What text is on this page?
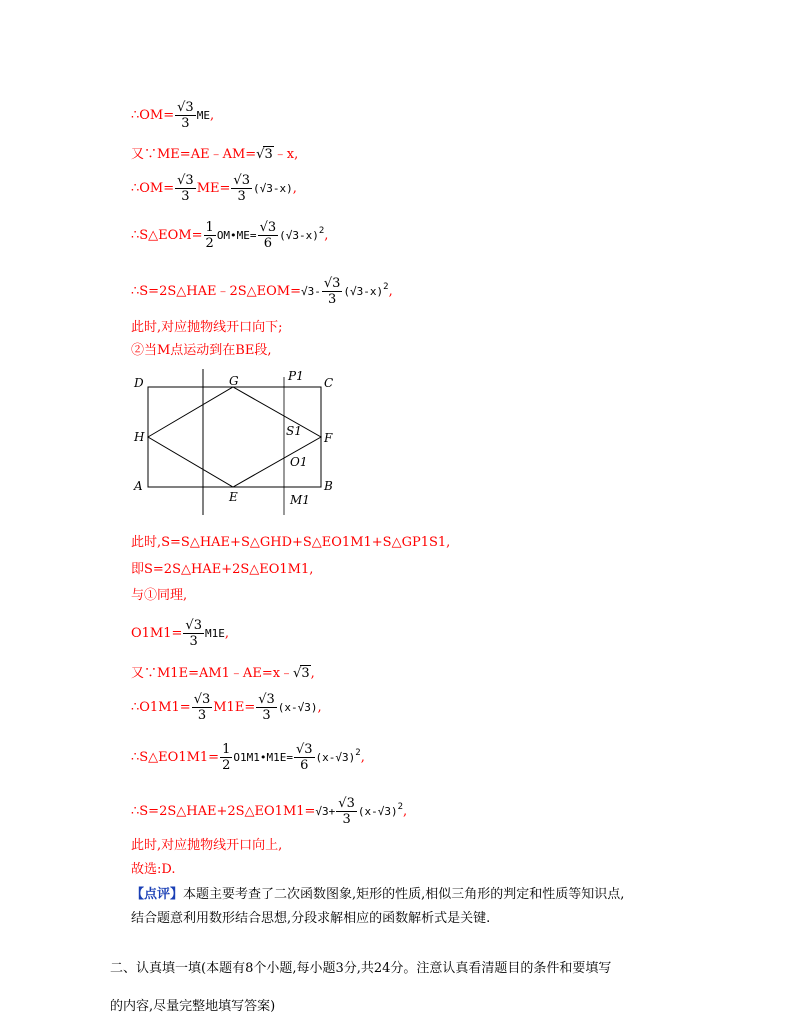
∴OM= $\frac{√3}{3}$ ME,
又∵ME=AE﹣AM=√3﹣x,
∴OM= $\frac{√3}{3} ME= \frac{√3}{3} (√3-x)$,
∴S△EOM= $\frac{1}{2}$ OM•ME= $\frac{√3}{6} (√3-x)^2$,
∴S=2S△HAE﹣2S△EOM=√3- $\frac{√3}{3} (√3-x)^2$,
此时,对应抛物线开口向下;
②当M点运动到在BE段,
D	G	P1 C
H	S1 F
O1
A
E	M1
B
此时,S=S△HAE+S△GHD+S△EO1M1+S△GP1S1,
即S=2S△HAE+2S△EO1M1,
与①同理,
$O1M1= \frac{√3}{3} M1E$,
又∵M1E=AM1﹣AE=x﹣√3,
∴O1M1= $\frac{√3}{3} M1E= \frac{√3}{3} (x-√3)$,
∴S△EO1M1= $\frac{1}{2}$ O1M1•M1E= $\frac{√3}{6} (x-√3)^2$,
∴S=2S△HAE+2S△EO1M1=√3+ $\frac{√3}{3} (x-√3)^2$,
此时,对应抛物线开口向上,
故选:D.
【点评】本题主要考查了二次函数图象,矩形的性质,相似三角形的判定和性质等知识点,
结合题意利用数形结合思想,分段求解相应的函数解析式是关键.
二、认真填一填(本题有8个小题,每小题3分,共24分。注意认真看清题目的条件和要填写
的内容,尽量完整地填写答案)
